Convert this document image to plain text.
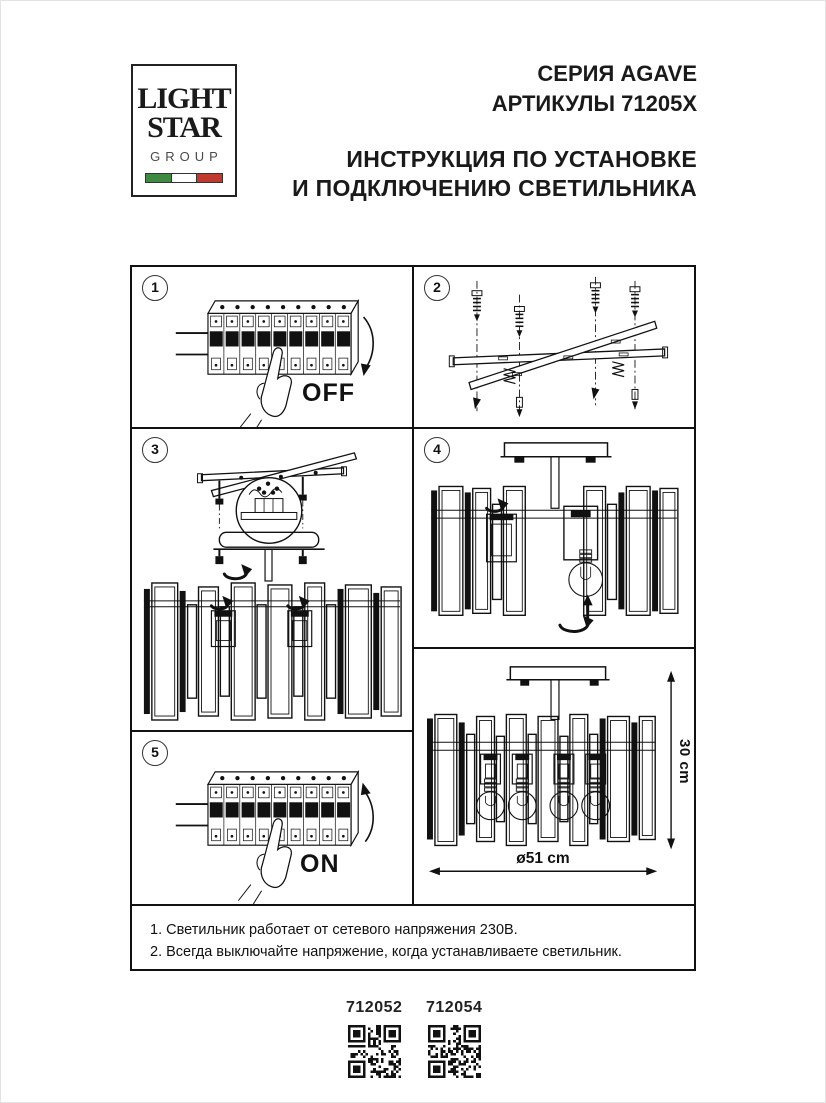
LIGHT
STAR
GROUP
СЕРИЯ AGAVE
АРТИКУЛЫ 71205X
ИНСТРУКЦИЯ ПО УСТАНОВКЕ
И ПОДКЛЮЧЕНИЮ СВЕТИЛЬНИКА
1
OFF
2
3	4
5
ON
30 cm
ø51 cm
1. Светильник работает от сетевого напряжения 230В.
2. Всегда выключайте напряжение, когда устанавливаете светильник.
712052 712054
